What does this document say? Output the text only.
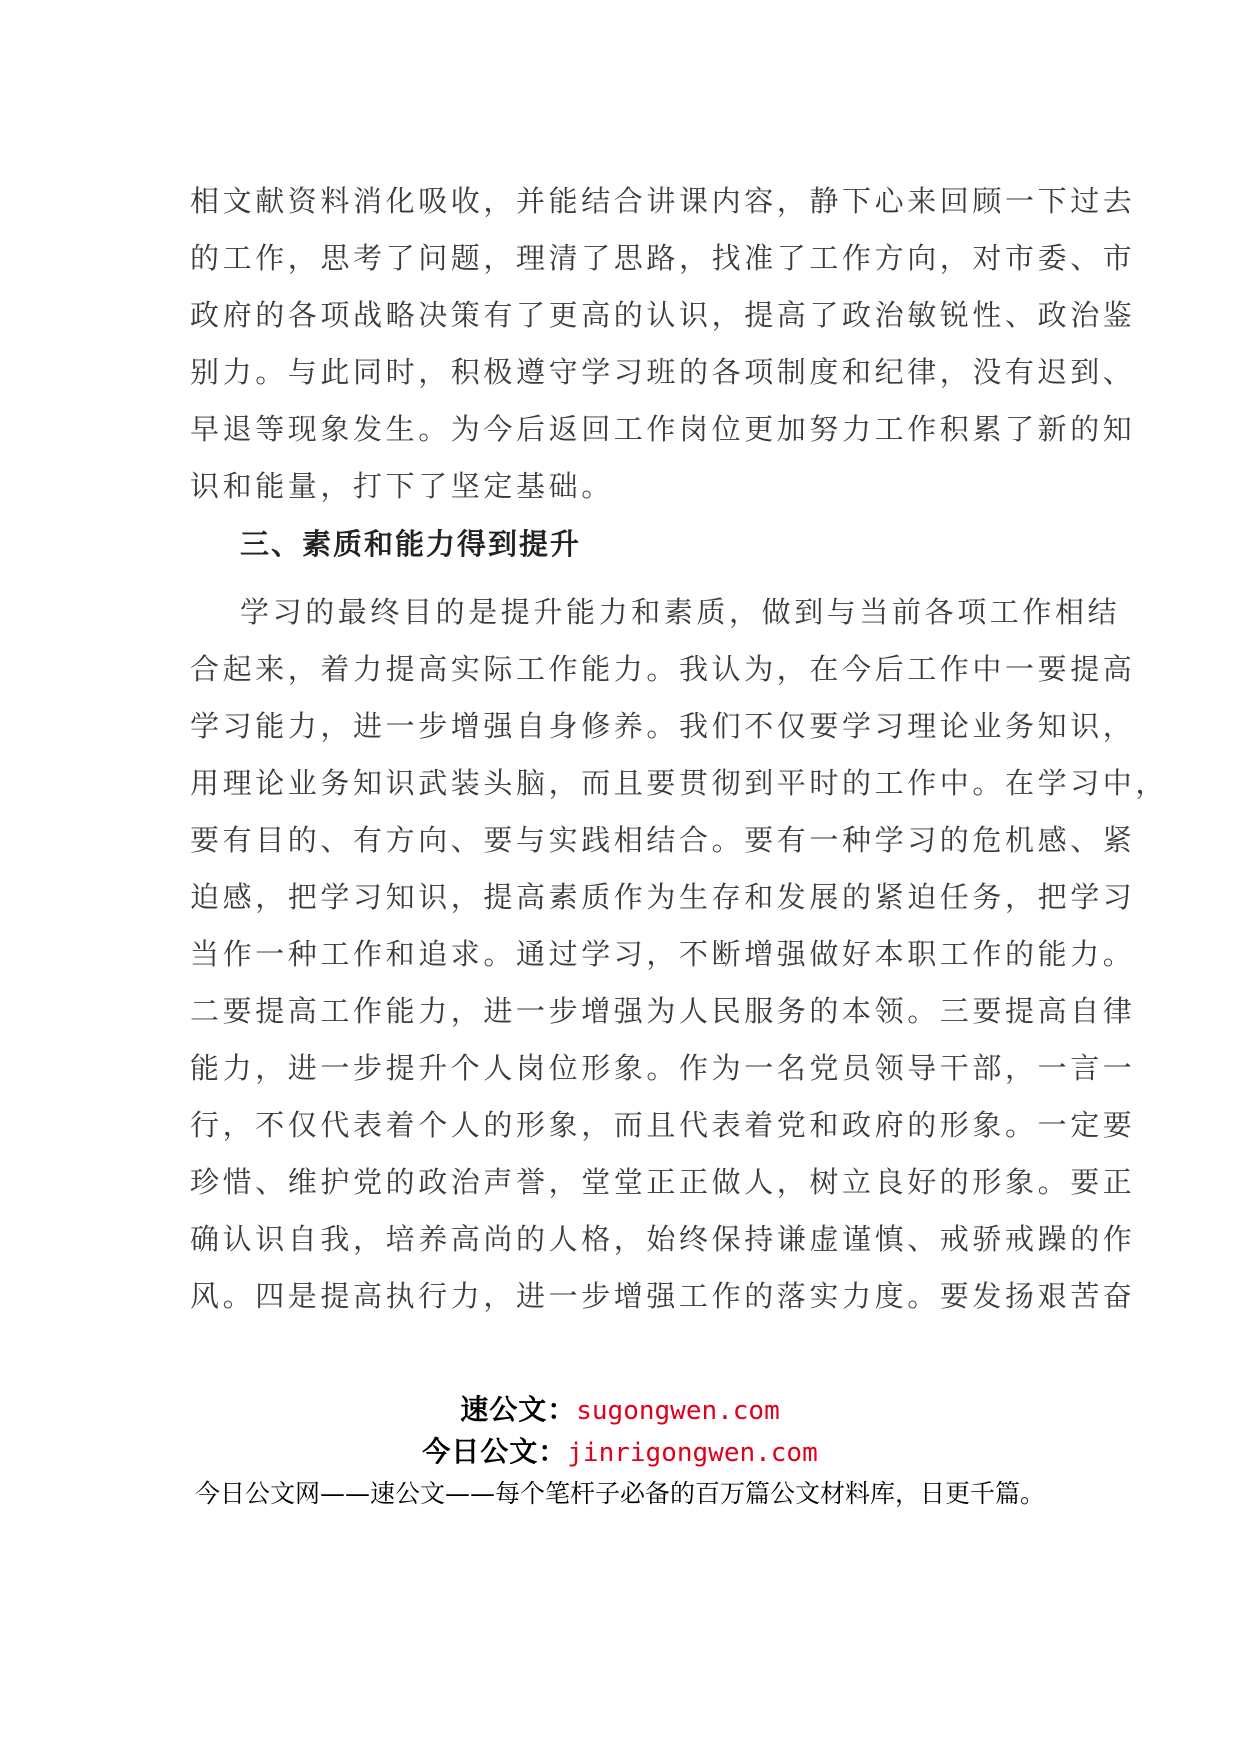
相文献资料消化吸收，并能结合讲课内容，静下心来回顾一下过去
的工作，思考了问题，理清了思路，找准了工作方向，对市委、市
政府的各项战略决策有了更高的认识，提高了政治敏锐性、政治鉴
别力。与此同时，积极遵守学习班的各项制度和纪律，没有迟到、
早退等现象发生。为今后返回工作岗位更加努力工作积累了新的知
识和能量，打下了坚定基础。
三、素质和能力得到提升
学习的最终目的是提升能力和素质，做到与当前各项工作相结
合起来，着力提高实际工作能力。我认为，在今后工作中一要提高
学习能力，进一步增强自身修养。我们不仅要学习理论业务知识，
用理论业务知识武装头脑，而且要贯彻到平时的工作中。在学习中，
要有目的、有方向、要与实践相结合。要有一种学习的危机感、紧
迫感，把学习知识，提高素质作为生存和发展的紧迫任务，把学习
当作一种工作和追求。通过学习，不断增强做好本职工作的能力。
二要提高工作能力，进一步增强为人民服务的本领。三要提高自律
能力，进一步提升个人岗位形象。作为一名党员领导干部，一言一
行，不仅代表着个人的形象，而且代表着党和政府的形象。一定要
珍惜、维护党的政治声誉，堂堂正正做人，树立良好的形象。要正
确认识自我，培养高尚的人格，始终保持谦虚谨慎、戒骄戒躁的作
风。四是提高执行力，进一步增强工作的落实力度。要发扬艰苦奋
速公文：sugongwen.com
今日公文：jinrigongwen.com
今日公文网——速公文——每个笔杆子必备的百万篇公文材料库，日更千篇。
